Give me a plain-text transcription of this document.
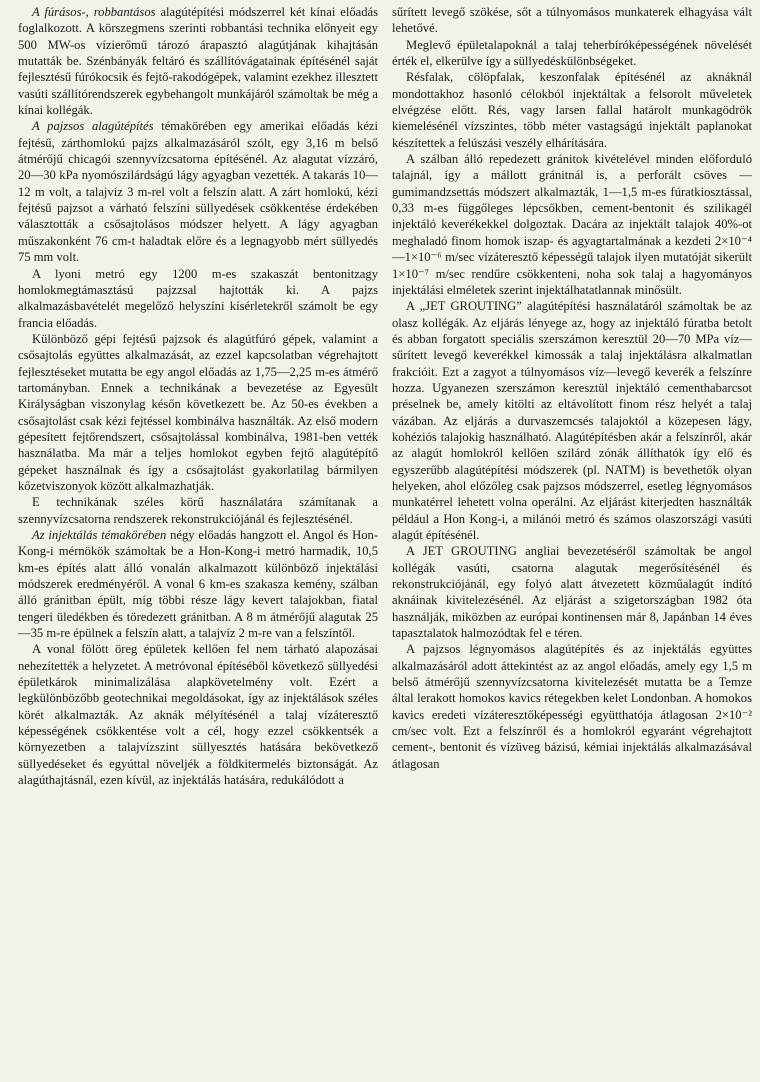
A fúrásos-, robbantásos alagútépítési módszerrel két kínai előadás foglalkozott. A körszegmens szerinti robbantási technika előnyeit egy 500 MW-os vízierőmű tározó árapasztó alagútjának kihajtásán mutatták be. Szénbányák feltáró és szállítóvágatainak építésénél saját fejlesztésű fúrókocsik és fejtő-rakodógépek, valamint ezekhez illesztett vasúti szállítórendszerek egybehangolt munkájáról számoltak be még a kínai kollégák.

A pajzsos alagútépítés témakörében egy amerikai előadás kézi fejtésű, zárthomlokú pajzs alkalmazásáról szólt, egy 3,16 m belső átmérőjű chicagói szennyvízcsatorna építésénél. Az alagutat vízzáró, 20—30 kPa nyomószilárdságú lágy agyagban vezették. A takarás 10—12 m volt, a talajvíz 3 m-rel volt a felszín alatt. A zárt homlokú, kézi fejtésű pajzsot a várható felszíni süllyedések csökkentése érdekében választották a csősajtolásos módszer helyett. A lágy agyagban műszakonként 76 cm-t haladtak előre és a legnagyobb mért süllyedés 75 mm volt.

A lyoni metró egy 1200 m-es szakaszát bentonitzagy homlokmegtámasztású pajzzsal hajtották ki. A pajzs alkalmazásbavételét megelőző helyszíni kísérletekről számolt be egy francia előadás.

Különböző gépi fejtésű pajzsok és alagútfúró gépek, valamint a csősajtolás együttes alkalmazását, az ezzel kapcsolatban végrehajtott fejlesztéseket mutatta be egy angol előadás az 1,75—2,25 m-es átmérő tartományban. Ennek a technikának a bevezetése az Egyesült Királyságban viszonylag későn következett be. Az 50-es években a csősajtolást csak kézi fejtéssel kombinálva használták. Az első modern gépesített fejtőrendszert, csősajtolással kombinálva, 1981-ben vették használatba. Ma már a teljes homlokot egyben fejtő alagútépítő gépeket használnak és így a csősajtolást gyakorlatilag bármilyen kőzetviszonyok között alkalmazhatják.

E technikának széles körű használatára számítanak a szennyvízcsatorna rendszerek rekonstrukciójánál és fejlesztésénél.

Az injektálás témakörében négy előadás hangzott el. Angol és Hon-Kong-i mérnökök számoltak be a Hon-Kong-i metró harmadik, 10,5 km-es építés alatt álló vonalán alkalmazott különböző injektálási módszerek eredményéről. A vonal 6 km-es szakasza kemény, szálban álló gránitban épült, míg többi része lágy kevert talajokban, fiatal tengeri üledékben és töredezett gránitban. A 8 m átmérőjű alagutak 25—35 m-re épülnek a felszín alatt, a talajvíz 2 m-re van a felszíntől.

A vonal fölött öreg épületek kellően fel nem tárható alapozásai nehezítették a helyzetet. A metróvonal építéséből következő süllyedési épületkárok minimalizálása alapkövetelmény volt. Ezért a legkülönbözőbb geotechnikai megoldásokat, így az injektálások széles körét alkalmazták. Az aknák mélyítésénél a talaj vízáteresztő képességének csökkentése volt a cél, hogy ezzel csökkentsék a környezetben a talajvízszint süllyesztés hatására bekövetkező süllyedéseket és egyúttal növeljék a földkitermelés biztonságát. Az alagúthajtásnál, ezen kívül, az injektálás hatására, redukálódott a

sűrített levegő szökése, sőt a túlnyomásos munkaterek elhagyása vált lehetővé.

Meglevő épületalapoknál a talaj teherbíróképességének növelését érték el, elkerülve így a süllyedéskülönbségeket.

Résfalak, cölöpfalak, keszonfalak építésénél az aknáknál mondottakhoz hasonló célokból injektáltak a felsorolt műveletek elvégzése előtt. Rés, vagy larsen fallal határolt munkagödrök kiemelésénél vízszintes, több méter vastagságú injektált paplanokat készítettek a felúszási veszély elhárítására.

A szálban álló repedezett gránitok kivételével minden előforduló talajnál, így a mállott gránitnál is, a perforált csöves — gumimandzsettás módszert alkalmazták, 1—1,5 m-es fúratkiosztással, 0,33 m-es függőleges lépcsőkben, cement-bentonit és szilikagél injektáló keverékekkel dolgoztak. Dacára az injektált talajok 40%-ot meghaladó finom homok iszap- és agyagtartalmának a kezdeti 2×10⁻⁴—1×10⁻⁶ m/sec vízáteresztő képességű talajok ilyen mutatóját sikerült 1×10⁻⁷ m/sec rendűre csökkenteni, noha sok talaj a hagyományos injektálási elméletek szerint injektálhatatlannak minősült.

A „JET GROUTING” alagútépítési használatáról számoltak be az olasz kollégák. Az eljárás lényege az, hogy az injektáló fúratba betolt és abban forgatott speciális szerszámon keresztül 20—70 MPa víz—sűrített levegő keverékkel kimossák a talaj injektálásra alkalmatlan frakcióit. Ezt a zagyot a túlnyomásos víz—levegő keverék a felszínre hozza. Ugyanezen szerszámon keresztül injektáló cementhabarcsot préselnek be, amely kitölti az eltávolított finom rész helyét a talaj vázában. Az eljárás a durvaszemcsés talajoktól a közepesen lágy, kohéziós talajokig használható. Alagútépítésben akár a felszínről, akár az alagút homlokról kellően szilárd zónák állíthatók így elő és egyszerűbb alagútépítési módszerek (pl. NATM) is bevethetők olyan helyeken, ahol előzőleg csak pajzsos módszerrel, esetleg légnyomásos munkatérrel lehetett volna operálni. Az eljárást kiterjedten használták például a Hon Kong-i, a milánói metró és számos olaszországi vasúti alagút építésénél.

A JET GROUTING angliai bevezetéséről számoltak be angol kollégák vasúti, csatorna alagutak megerősítésénél és rekonstrukciójánál, egy folyó alatt átvezetett közműalagút indító aknáinak kivitelezésénél. Az eljárást a szigetországban 1982 óta használják, miközben az európai kontinensen már 8, Japánban 14 éves tapasztalatok halmozódtak fel e téren.

A pajzsos légnyomásos alagútépítés és az injektálás együttes alkalmazásáról adott áttekintést az az angol előadás, amely egy 1,5 m belső átmérőjű szennyvízcsatorna kivitelezését mutatta be a Temze által lerakott homokos kavics rétegekben kelet Londonban. A homokos kavics eredeti vízáteresztőképességi együtthatója átlagosan 2×10⁻² cm/sec volt. Ezt a felszínről és a homlokról egyaránt végrehajtott cement-, bentonit és vízüveg bázisú, kémiai injektálás alkalmazásával átlagosan
